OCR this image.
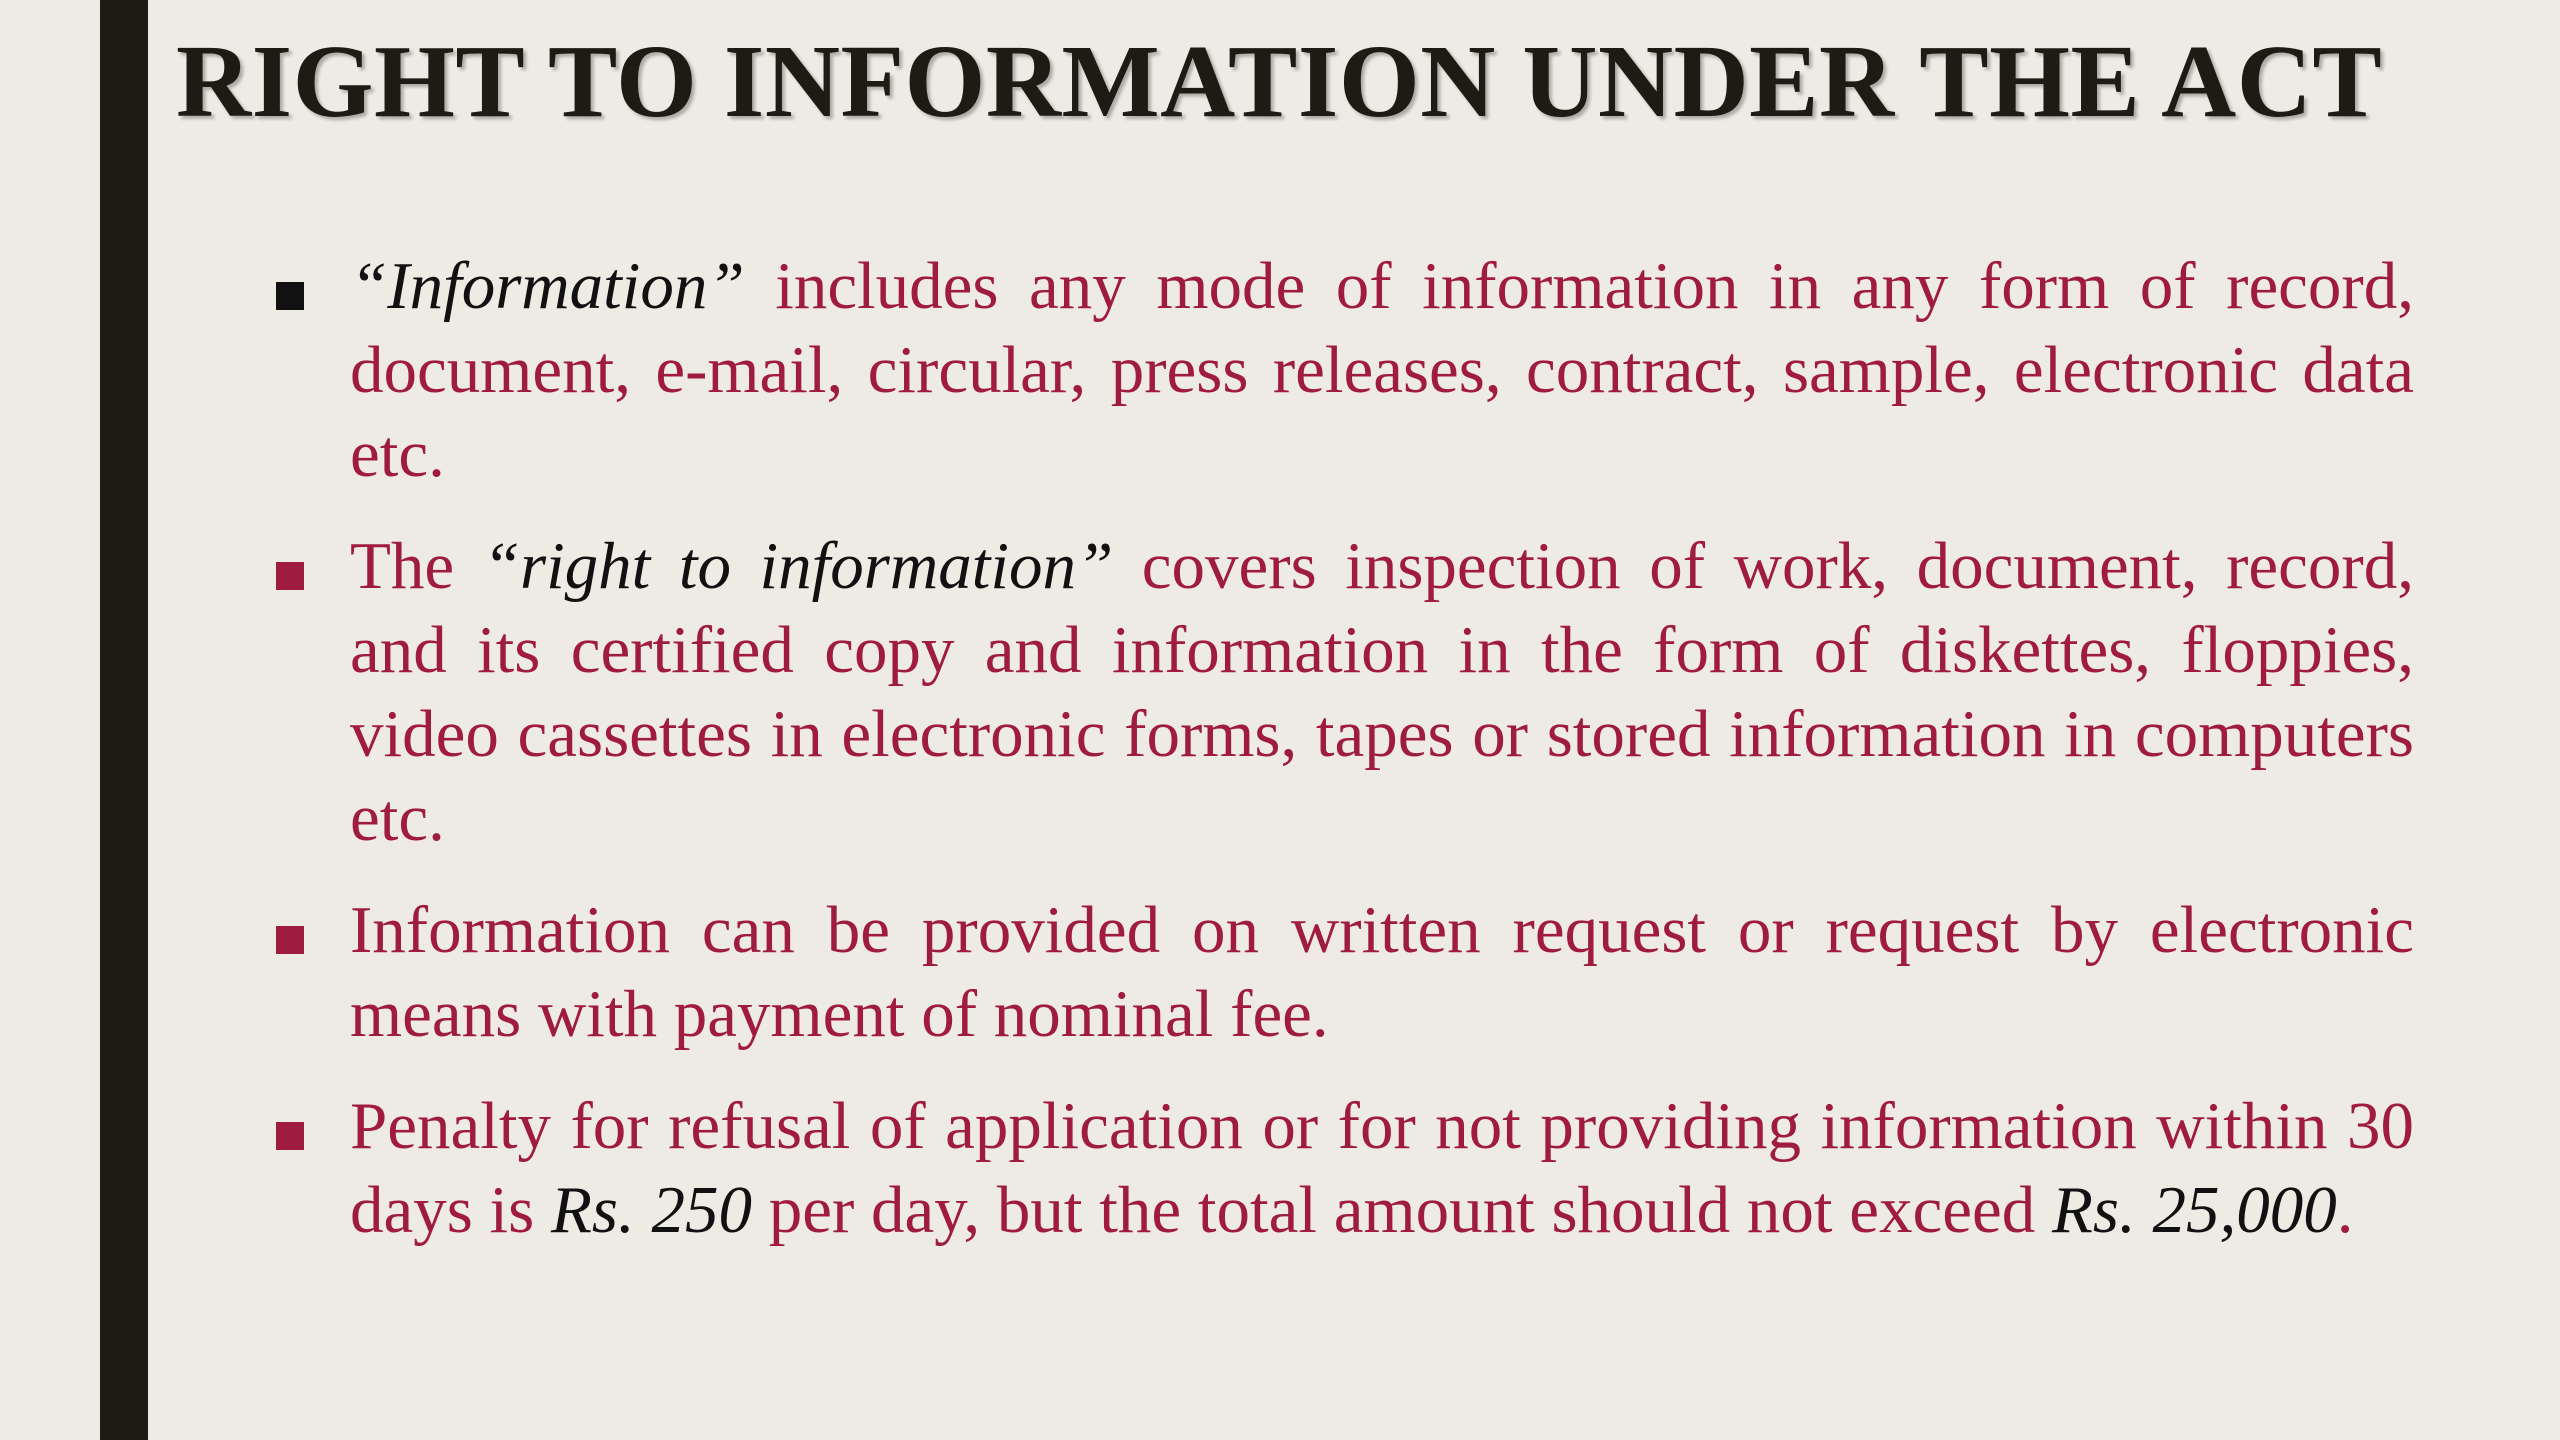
RIGHT TO INFORMATION UNDER THE ACT
“Information” includes any mode of information in any form of record, document, e-mail, circular, press releases, contract, sample, electronic data etc.
The “right to information” covers inspection of work, document, record, and its certified copy and information in the form of diskettes, floppies, video cassettes in electronic forms, tapes or stored information in computers etc.
Information can be provided on written request or request by electronic means with payment of nominal fee.
Penalty for refusal of application or for not providing information within 30 days is Rs. 250 per day, but the total amount should not exceed Rs. 25,000.
